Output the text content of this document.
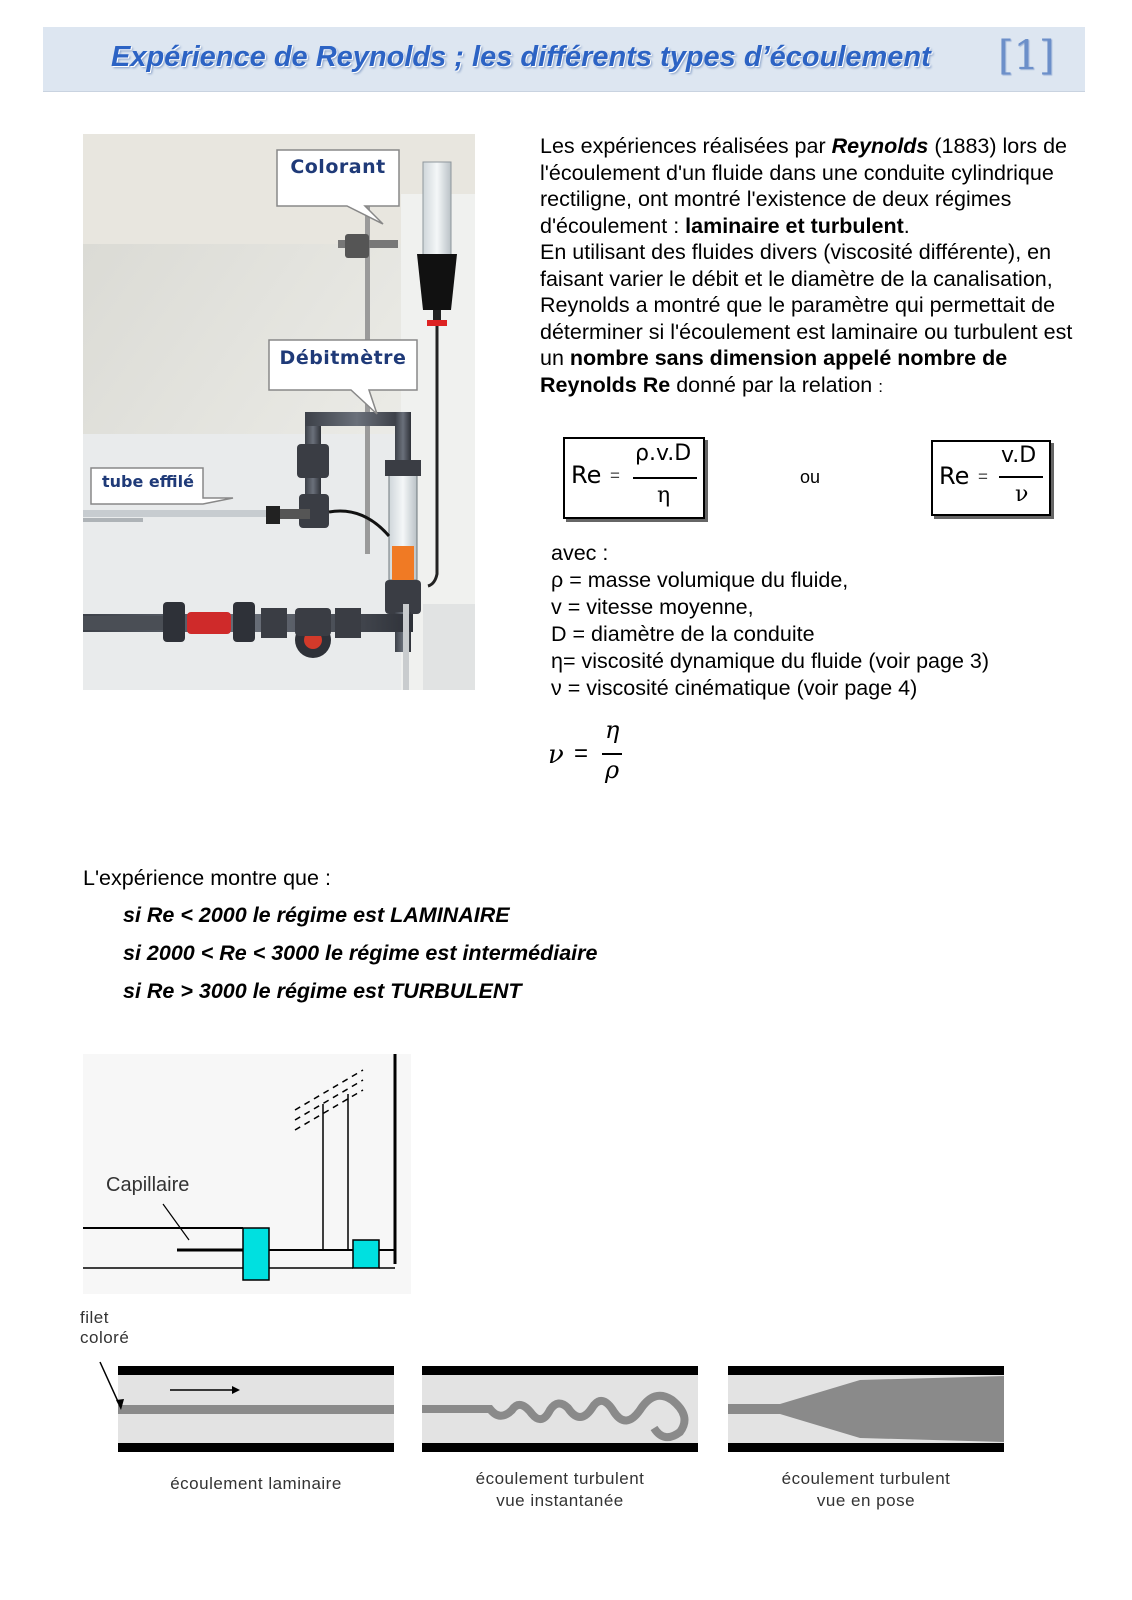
Expérience de Reynolds ; les différents types d’écoulement [1]
Colorant
Débitmètre
tube effilé
Les expériences réalisées par Reynolds (1883) lors de l'écoulement d'un fluide dans une conduite cylindrique rectiligne, ont montré l'existence de deux régimes d'écoulement : laminaire et turbulent.
En utilisant des fluides divers (viscosité différente), en faisant varier le débit et le diamètre de la canalisation, Reynolds a montré que le paramètre qui permettait de déterminer si l'écoulement est laminaire ou turbulent est un nombre sans dimension appelé nombre de Reynolds Re donné par la relation :
Re =
ρ.v.D
η
ou	Re =
v.D
ν
avec :
ρ = masse volumique du fluide,
v = vitesse moyenne,
D = diamètre de la conduite
η= viscosité dynamique du fluide (voir page 3)
ν = viscosité cinématique (voir page 4)
ν =
η
ρ
L'expérience montre que :
si Re < 2000 le régime est LAMINAIRE
si 2000 < Re < 3000 le régime est intermédiaire
si Re > 3000 le régime est TURBULENT
Capillaire
filet
coloré
écoulement laminaire	écoulement turbulent
vue instantanée
écoulement turbulent
vue en pose
